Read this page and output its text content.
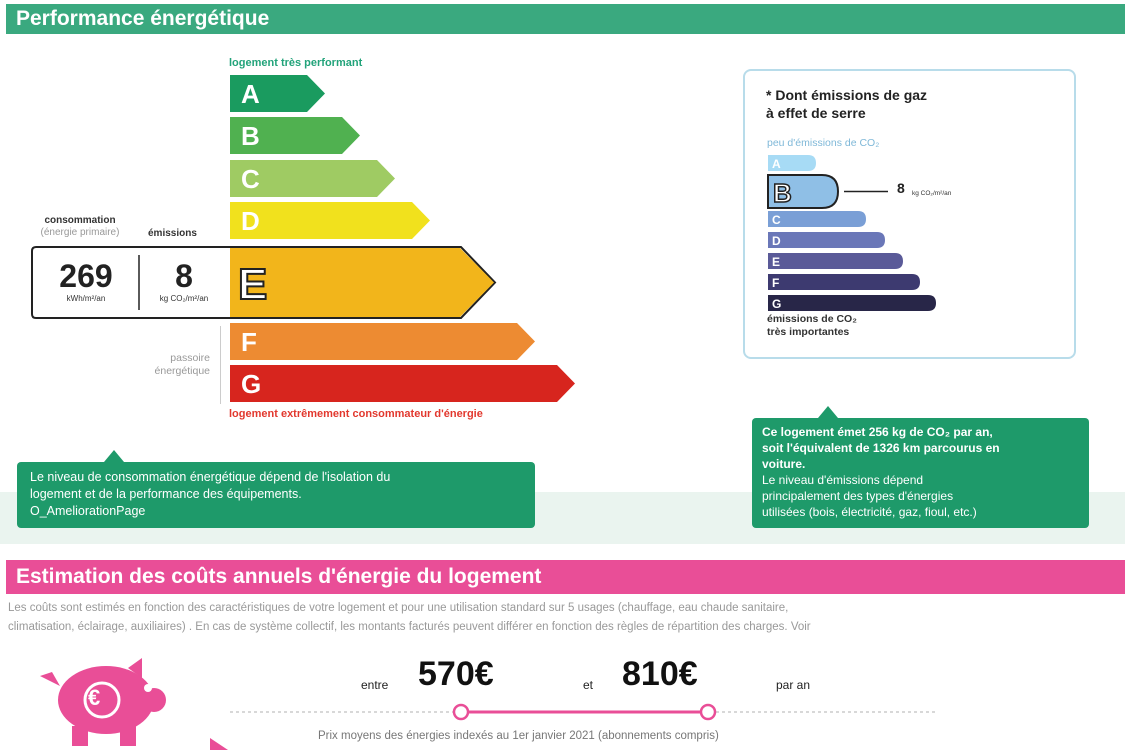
Performance énergétique
logement très performant
logement extrêmement consommateur d'énergie
passoire
énergétique
consommation
(énergie primaire)	émissions
A
B
C
D
E
F
G
269
kWh/m²/an
8
kg CO₂/m²/an
Le niveau de consommation énergétique dépend de l'isolation du
logement et de la performance des équipements.
O_AmeliorationPage
* Dont émissions de gaz
à effet de serre
peu d'émissions de CO₂
A
B
C
D
E
F
G
8 kg CO₂/m²/an
émissions de CO₂
très importantes
Ce logement émet 256 kg de CO₂ par an,
soit l'équivalent de 1326 km parcourus en
voiture.
Le niveau d'émissions dépend
principalement des types d'énergies
utilisées (bois, électricité, gaz, fioul, etc.)
Estimation des coûts annuels d'énergie du logement
Les coûts sont estimés en fonction des caractéristiques de votre logement et pour une utilisation standard sur 5 usages (chauffage, eau chaude sanitaire,
climatisation, éclairage, auxiliaires) . En cas de système collectif, les montants facturés peuvent différer en fonction des règles de répartition des charges. Voir
€	entre 570€	et 810€	par an
Prix moyens des énergies indexés au 1er janvier 2021 (abonnements compris)
